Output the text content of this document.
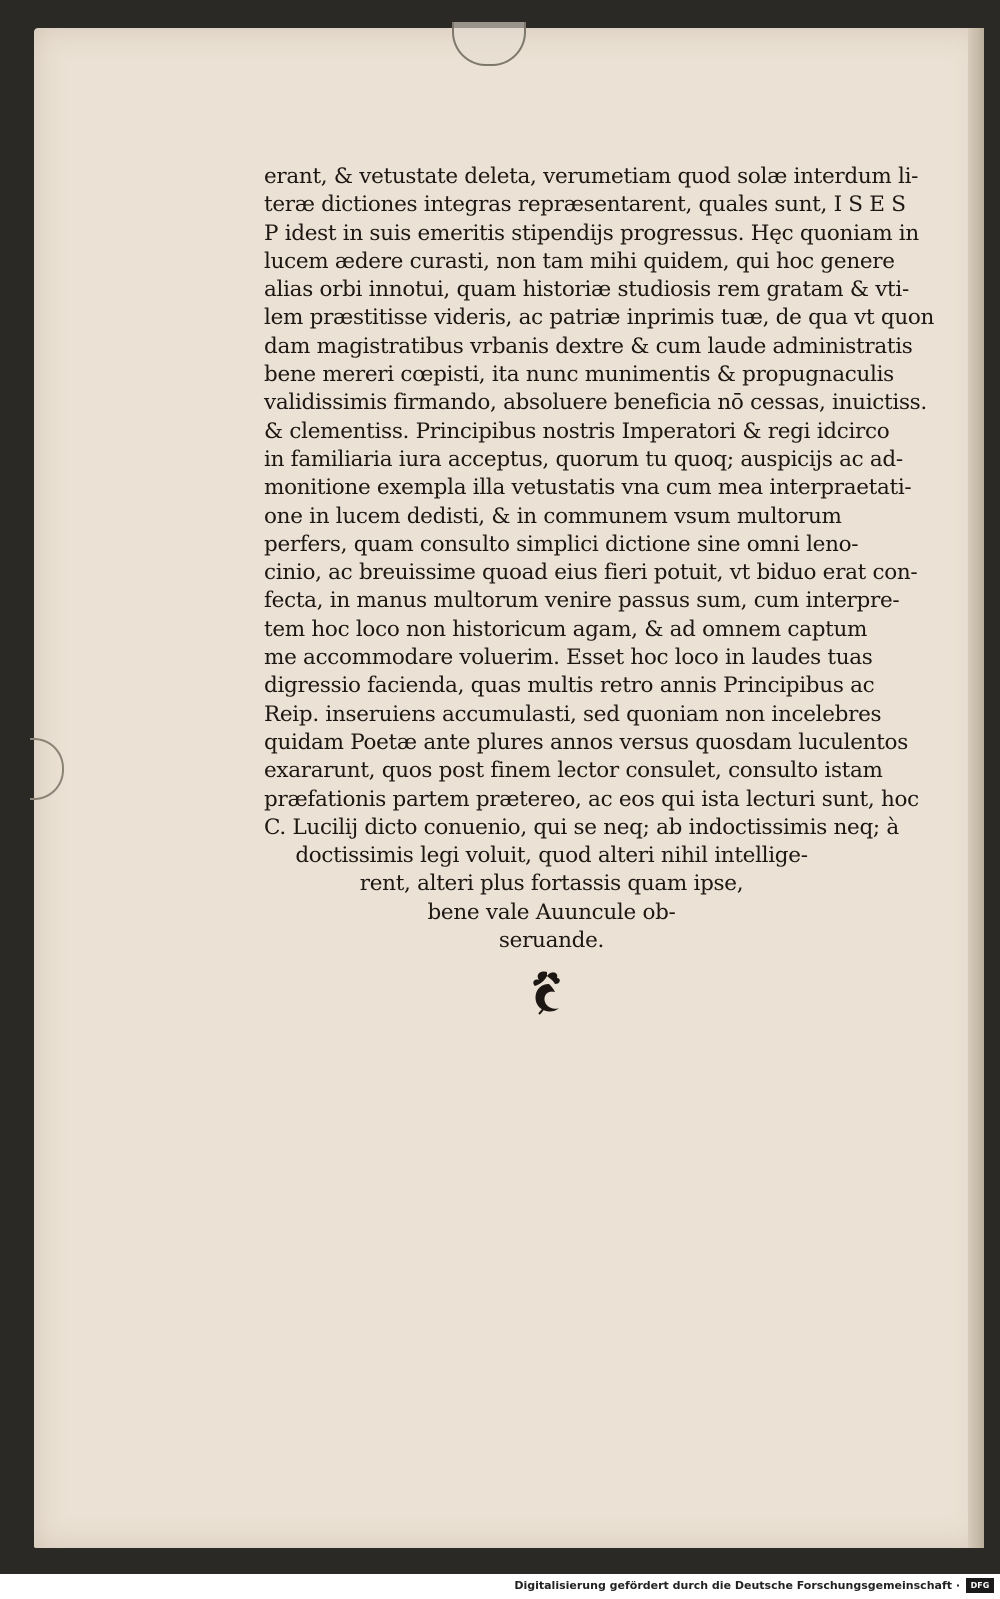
erant, & vetustate deleta, verumetiam quod solæ interdum li-
teræ dictiones integras repræsentarent, quales sunt, I S E S
P idest in suis emeritis stipendijs progressus. Hęc quoniam in
lucem ædere curasti, non tam mihi quidem, qui hoc genere
alias orbi innotui, quam historiæ studiosis rem gratam & vti-
lem præstitisse videris, ac patriæ inprimis tuæ, de qua vt quon
dam magistratibus vrbanis dextre & cum laude administratis
bene mereri cœpisti, ita nunc munimentis & propugnaculis
validissimis firmando, absoluere beneficia nō cessas, inuictiss.
& clementiss. Principibus nostris Imperatori & regi idcirco
in familiaria iura acceptus, quorum tu quoq; auspicijs ac ad-
monitione exempla illa vetustatis vna cum mea interpraetati-
one in lucem dedisti, & in communem vsum multorum
perfers, quam consulto simplici dictione sine omni leno-
cinio, ac breuissime quoad eius fieri potuit, vt biduo erat con-
fecta, in manus multorum venire passus sum, cum interpre-
tem hoc loco non historicum agam, & ad omnem captum
me accommodare voluerim. Esset hoc loco in laudes tuas
digressio facienda, quas multis retro annis Principibus ac
Reip. inseruiens accumulasti, sed quoniam non incelebres
quidam Poetæ ante plures annos versus quosdam luculentos
exararunt, quos post finem lector consulet, consulto istam
præfationis partem prætereo, ac eos qui ista lecturi sunt, hoc
C. Lucilij dicto conuenio, qui se neq; ab indoctissimis neq; à
doctissimis legi voluit, quod alteri nihil intellige-
rent, alteri plus fortassis quam ipse,
bene vale Auuncule ob-
seruande.
Digitalisierung gefördert durch die Deutsche Forschungsgemeinschaft ·	DFG
